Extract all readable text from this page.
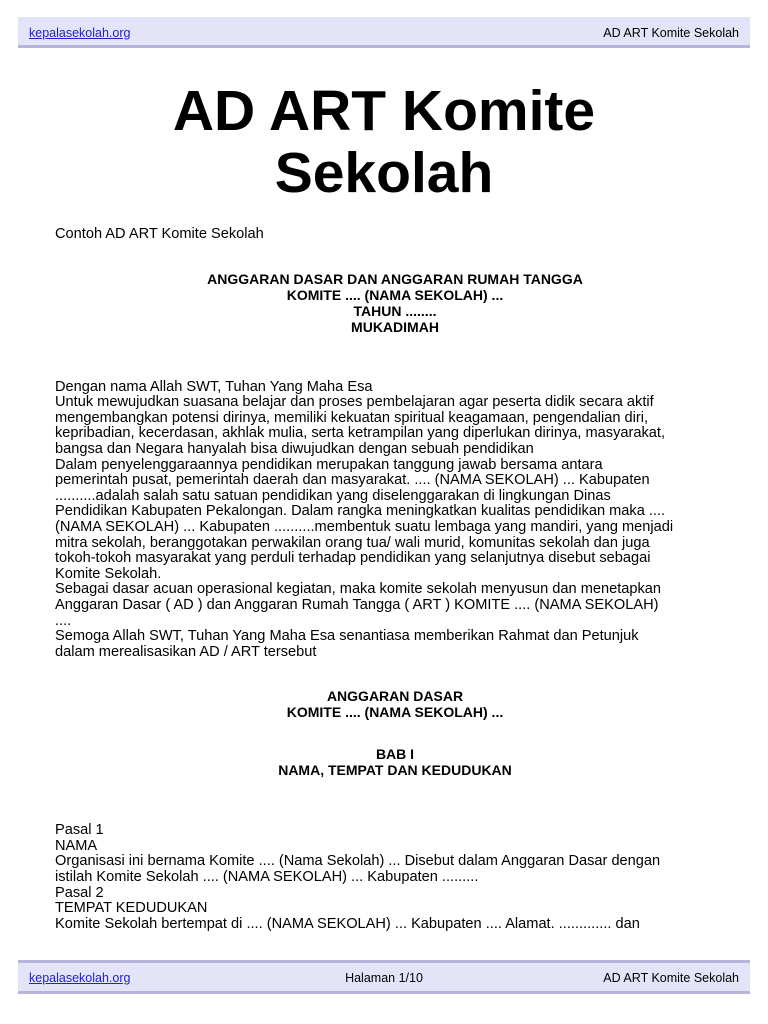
kepalasekolah.org	AD ART Komite Sekolah
AD ART Komite
Sekolah

Contoh AD ART Komite Sekolah

ANGGARAN DASAR DAN ANGGARAN RUMAH TANGGA
KOMITE .... (NAMA SEKOLAH) ...
TAHUN ........
MUKADIMAH

Dengan nama Allah SWT, Tuhan Yang Maha Esa

Untuk mewujudkan suasana belajar dan proses pembelajaran agar peserta didik secara aktif

mengembangkan potensi dirinya, memiliki kekuatan spiritual keagamaan, pengendalian diri,

kepribadian, kecerdasan, akhlak mulia, serta ketrampilan yang diperlukan dirinya, masyarakat,

bangsa dan Negara hanyalah bisa diwujudkan dengan sebuah pendidikan

Dalam penyelenggaraannya pendidikan merupakan tanggung jawab bersama antara

pemerintah pusat, pemerintah daerah dan masyarakat. .... (NAMA SEKOLAH) ... Kabupaten

..........adalah salah satu satuan pendidikan yang diselenggarakan di lingkungan Dinas

Pendidikan Kabupaten Pekalongan. Dalam rangka meningkatkan kualitas pendidikan maka ....

(NAMA SEKOLAH) ... Kabupaten ..........membentuk suatu lembaga yang mandiri, yang menjadi

mitra sekolah, beranggotakan perwakilan orang tua/ wali murid, komunitas sekolah dan juga

tokoh-tokoh masyarakat yang perduli terhadap pendidikan yang selanjutnya disebut sebagai

Komite Sekolah.

Sebagai dasar acuan operasional kegiatan, maka komite sekolah menyusun dan menetapkan

Anggaran Dasar ( AD ) dan Anggaran Rumah Tangga ( ART ) KOMITE .... (NAMA SEKOLAH)

....

Semoga Allah SWT, Tuhan Yang Maha Esa senantiasa memberikan Rahmat dan Petunjuk

dalam merealisasikan AD / ART tersebut

ANGGARAN DASAR
KOMITE .... (NAMA SEKOLAH) ...
BAB I
NAMA, TEMPAT DAN KEDUDUKAN

Pasal 1

NAMA

Organisasi ini bernama Komite .... (Nama Sekolah) ... Disebut dalam Anggaran Dasar dengan

istilah Komite Sekolah .... (NAMA SEKOLAH) ... Kabupaten .........

Pasal 2

TEMPAT KEDUDUKAN

Komite Sekolah bertempat di .... (NAMA SEKOLAH) ... Kabupaten .... Alamat. ............. dan

kepalasekolah.org	Halaman 1/10	AD ART Komite Sekolah
